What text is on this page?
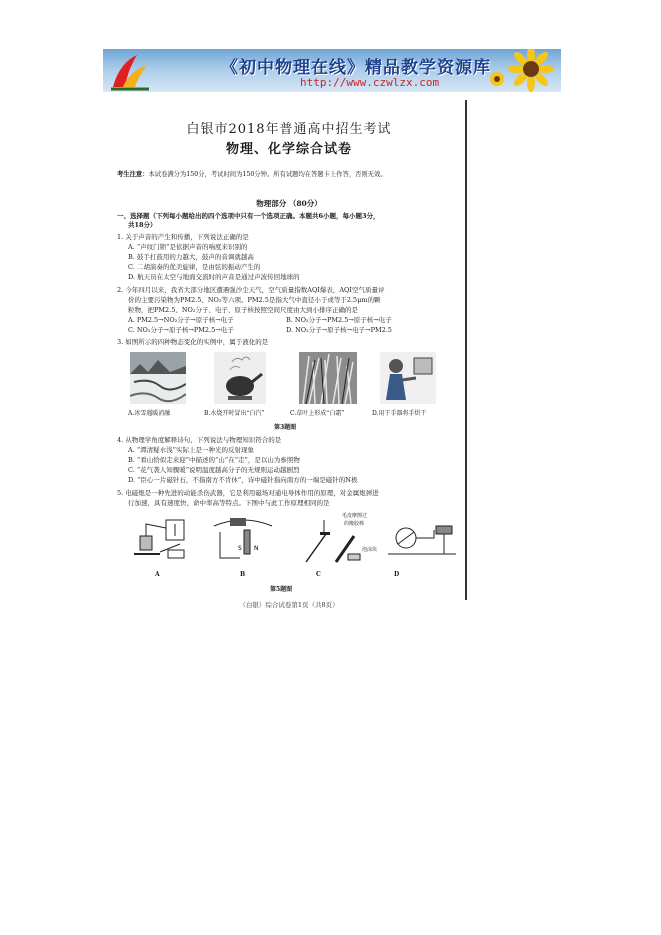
《初中物理在线》精品教学资源库
http://www.czwlzx.com
白银市2018年普通高中招生考试
物理、化学综合试卷
考生注意：本试卷满分为150分，考试时间为150分钟。所有试题均在答题卡上作答，否则无效。
物理部分 （80分）
一、选择题（下列每小题给出的四个选项中只有一个选项正确。本题共6小题，每小题3分，
共18分）
1. 关于声音的产生和传播，下列说法正确的是
A. “声纹门锁”是依据声音的响度来识别的
B. 鼓手打鼓用的力越大，鼓声的音调就越高
C. 二胡演奏的优美旋律，是由弦的振动产生的
D. 航天员在太空与地面交流时的声音是通过声波传回地球的
2. 今年四月以来，我省大部分地区遭遇强沙尘天气，空气质量指数AQI爆表，AQI空气质量评
价的主要污染物为PM2.5、NO₂等六项。PM2.5是指大气中直径小于或等于2.5μm的颗
粒物，把PM2.5、NO₂分子、电子、原子核按照空间尺度由大到小排序正确的是
A. PM2.5→NO₂分子→原子核→电子	B. NO₂分子→PM2.5→原子核→电子
C. NO₂分子→原子核→PM2.5→电子	D. NO₂分子→原子核→电子→PM2.5
3. 如图所示的四种物态变化的实例中，属于液化的是
A.冰雪遇暖消融	B.水烧开时冒出“白汽”	C.草叶上形成“白霜”	D.用干手器将手烘干
第3题图
4. 从物理学角度解释诗句，下列说法与物理知识符合的是
A. “潭清疑水浅”实际上是一种光的反射现象
B. “看山恰似走来迎”中描述的“山”在“走”，是以山为参照物
C. “花气袭人知骤暖”说明温度越高分子的无规则运动越剧烈
D. “臣心一片磁针石，不指南方不肯休”，诗中磁针指向南方的一端是磁针的N极
5. 电磁炮是一种先进的动能杀伤武器，它是利用磁场对通电导体作用的原理，对金属炮弹进
行加速，具有速度快、命中率高等特点。下图中与此工作原理相同的是
S N
毛皮摩擦过
的橡胶棒
泡沫块
A	B	C	D
第5题图
（白银）综合试卷第1页（共8页）
